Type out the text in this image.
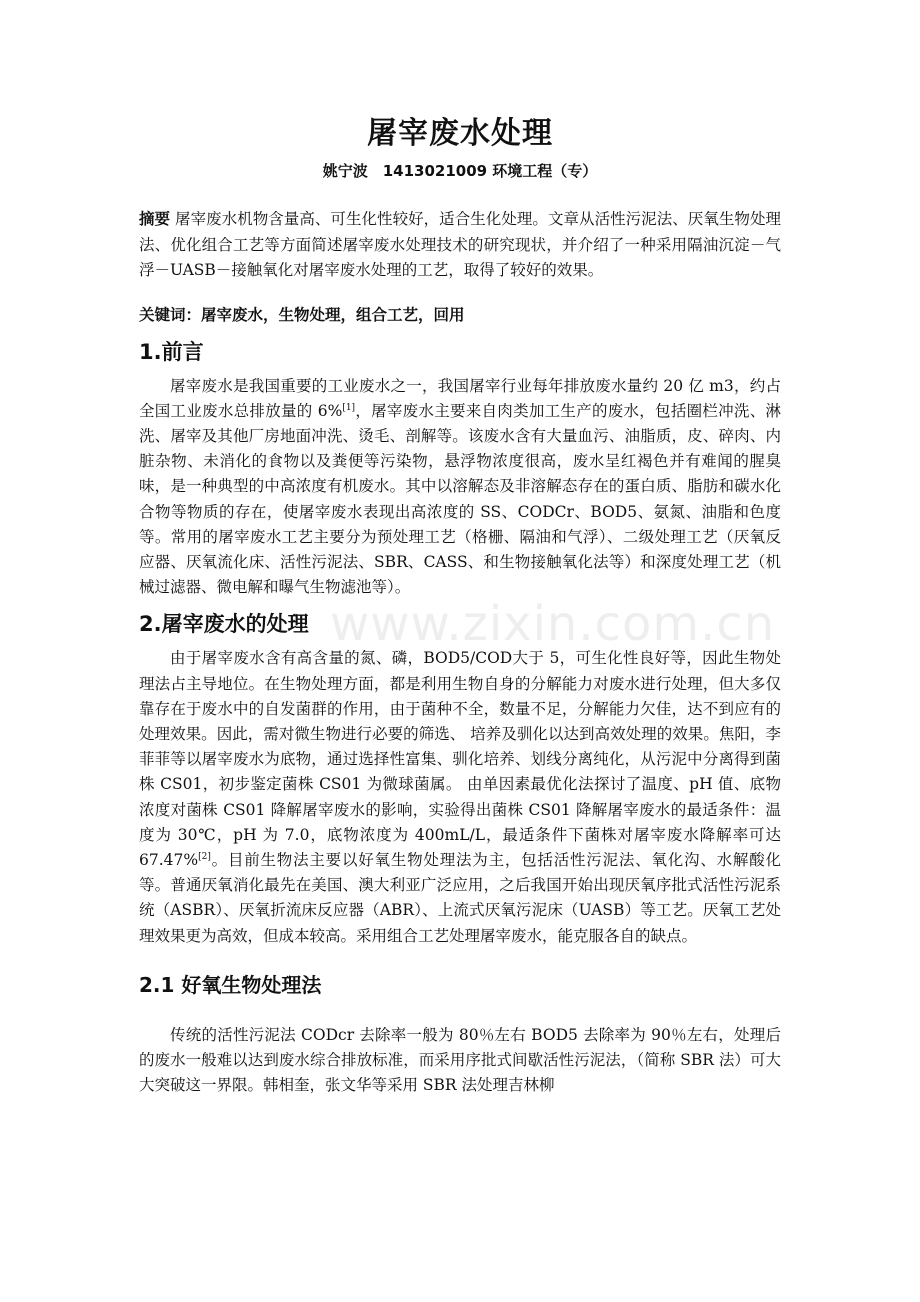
www.zixin.com.cn
屠宰废水处理
姚宁波　1413021009 环境工程（专）

摘要 屠宰废水机物含量高、可生化性较好，适合生化处理。文章从活性污泥法、厌氧生物处理法、优化组合工艺等方面简述屠宰废水处理技术的研究现状，并介绍了一种采用隔油沉淀－气浮－UASB－接触氧化对屠宰废水处理的工艺，取得了较好的效果。

关键词：屠宰废水，生物处理，组合工艺，回用
1.前言

屠宰废水是我国重要的工业废水之一，我国屠宰行业每年排放废水量约 20 亿 m3，约占全国工业废水总排放量的 6%[1]，屠宰废水主要来自肉类加工生产的废水，包括圈栏冲洗、淋洗、屠宰及其他厂房地面冲洗、烫毛、剖解等。该废水含有大量血污、油脂质，皮、碎肉、内脏杂物、未消化的食物以及粪便等污染物，悬浮物浓度很高，废水呈红褐色并有难闻的腥臭味，是一种典型的中高浓度有机废水。其中以溶解态及非溶解态存在的蛋白质、脂肪和碳水化合物等物质的存在，使屠宰废水表现出高浓度的 SS、CODCr、BOD5、氨氮、油脂和色度等。常用的屠宰废水工艺主要分为预处理工艺（格栅、隔油和气浮）、二级处理工艺（厌氧反应器、厌氧流化床、活性污泥法、SBR、CASS、和生物接触氧化法等）和深度处理工艺（机械过滤器、微电解和曝气生物滤池等）。

2.屠宰废水的处理

由于屠宰废水含有高含量的氮、磷，BOD5/COD大于 5，可生化性良好等，因此生物处理法占主导地位。在生物处理方面，都是利用生物自身的分解能力对废水进行处理，但大多仅靠存在于废水中的自发菌群的作用，由于菌种不全，数量不足，分解能力欠佳，达不到应有的处理效果。因此，需对微生物进行必要的筛选、 培养及驯化以达到高效处理的效果。焦阳，李菲菲等以屠宰废水为底物，通过选择性富集、驯化培养、划线分离纯化，从污泥中分离得到菌株 CS01，初步鉴定菌株 CS01 为微球菌属。 由单因素最优化法探讨了温度、pH 值、底物浓度对菌株 CS01 降解屠宰废水的影响，实验得出菌株 CS01 降解屠宰废水的最适条件：温度为 30℃，pH 为 7.0，底物浓度为 400mL/L，最适条件下菌株对屠宰废水降解率可达 67.47%[2]。目前生物法主要以好氧生物处理法为主，包括活性污泥法、氧化沟、水解酸化等。普通厌氧消化最先在美国、澳大利亚广泛应用，之后我国开始出现厌氧序批式活性污泥系统（ASBR）、厌氧折流床反应器（ABR）、上流式厌氧污泥床（UASB）等工艺。厌氧工艺处理效果更为高效，但成本较高。采用组合工艺处理屠宰废水，能克服各自的缺点。

2.1 好氧生物处理法

传统的活性污泥法 CODcr 去除率一般为 80％左右 BOD5 去除率为 90％左右，处理后的废水一般难以达到废水综合排放标准，而采用序批式间歇活性污泥法，（简称 SBR 法）可大大突破这一界限。韩相奎，张文华等采用 SBR 法处理吉林柳
